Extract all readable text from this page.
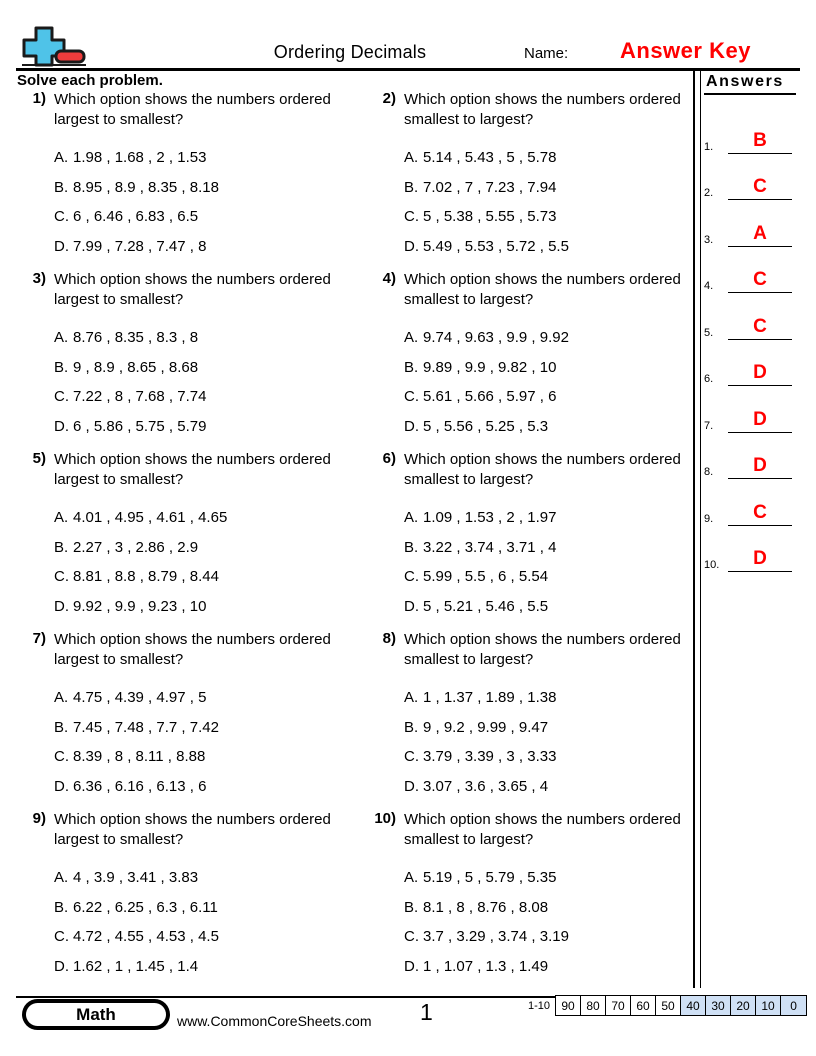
Ordering Decimals	Name: Answer Key
Solve each problem.
1) Which option shows the numbers ordered largest to smallest?
A. 1.98 , 1.68 , 2 , 1.53
B. 8.95 , 8.9 , 8.35 , 8.18
C. 6 , 6.46 , 6.83 , 6.5
D. 7.99 , 7.28 , 7.47 , 8
2) Which option shows the numbers ordered smallest to largest?
A. 5.14 , 5.43 , 5 , 5.78
B. 7.02 , 7 , 7.23 , 7.94
C. 5 , 5.38 , 5.55 , 5.73
D. 5.49 , 5.53 , 5.72 , 5.5
3) Which option shows the numbers ordered largest to smallest?
A. 8.76 , 8.35 , 8.3 , 8
B. 9 , 8.9 , 8.65 , 8.68
C. 7.22 , 8 , 7.68 , 7.74
D. 6 , 5.86 , 5.75 , 5.79
4) Which option shows the numbers ordered smallest to largest?
A. 9.74 , 9.63 , 9.9 , 9.92
B. 9.89 , 9.9 , 9.82 , 10
C. 5.61 , 5.66 , 5.97 , 6
D. 5 , 5.56 , 5.25 , 5.3
5) Which option shows the numbers ordered largest to smallest?
A. 4.01 , 4.95 , 4.61 , 4.65
B. 2.27 , 3 , 2.86 , 2.9
C. 8.81 , 8.8 , 8.79 , 8.44
D. 9.92 , 9.9 , 9.23 , 10
6) Which option shows the numbers ordered smallest to largest?
A. 1.09 , 1.53 , 2 , 1.97
B. 3.22 , 3.74 , 3.71 , 4
C. 5.99 , 5.5 , 6 , 5.54
D. 5 , 5.21 , 5.46 , 5.5
7) Which option shows the numbers ordered largest to smallest?
A. 4.75 , 4.39 , 4.97 , 5
B. 7.45 , 7.48 , 7.7 , 7.42
C. 8.39 , 8 , 8.11 , 8.88
D. 6.36 , 6.16 , 6.13 , 6
8) Which option shows the numbers ordered smallest to largest?
A. 1 , 1.37 , 1.89 , 1.38
B. 9 , 9.2 , 9.99 , 9.47
C. 3.79 , 3.39 , 3 , 3.33
D. 3.07 , 3.6 , 3.65 , 4
9) Which option shows the numbers ordered largest to smallest?
A. 4 , 3.9 , 3.41 , 3.83
B. 6.22 , 6.25 , 6.3 , 6.11
C. 4.72 , 4.55 , 4.53 , 4.5
D. 1.62 , 1 , 1.45 , 1.4
10) Which option shows the numbers ordered smallest to largest?
A. 5.19 , 5 , 5.79 , 5.35
B. 8.1 , 8 , 8.76 , 8.08
C. 3.7 , 3.29 , 3.74 , 3.19
D. 1 , 1.07 , 1.3 , 1.49
Answers
1.	B
2.	C
3.	A
4.	C
5.	C
6.	D
7.	D
8.	D
9.	C
10.	D
Math	www.CommonCoreSheets.com 1	1-10 90 80 70 60 50 40 30 20 10	0
